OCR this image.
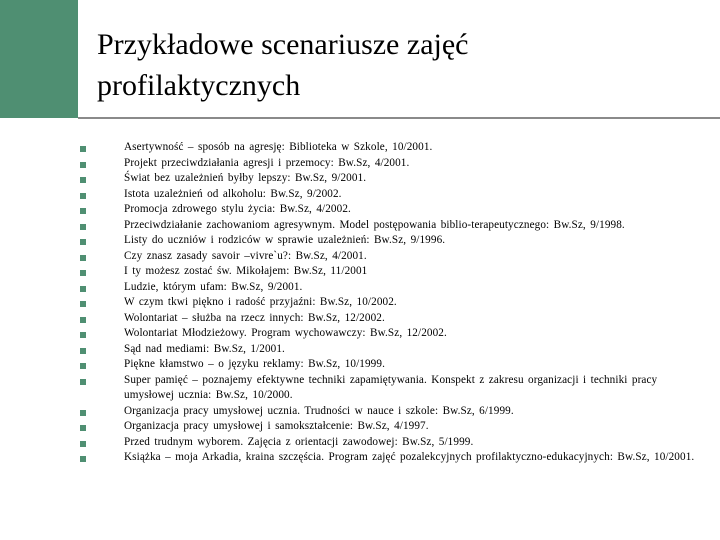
Przykładowe scenariusze zajęć
profilaktycznych
Asertywność – sposób na agresję: Biblioteka w Szkole, 10/2001.
Projekt przeciwdziałania agresji i przemocy: Bw.Sz, 4/2001.
Świat bez uzależnień byłby lepszy: Bw.Sz, 9/2001.
Istota uzależnień od alkoholu: Bw.Sz, 9/2002.
Promocja zdrowego stylu życia: Bw.Sz, 4/2002.
Przeciwdziałanie zachowaniom agresywnym. Model postępowania biblio-terapeutycznego: Bw.Sz, 9/1998.
Listy do uczniów i rodziców w sprawie uzależnień: Bw.Sz, 9/1996.
Czy znasz zasady savoir –vivre`u?: Bw.Sz, 4/2001.
I ty możesz zostać św. Mikołajem: Bw.Sz, 11/2001
Ludzie, którym ufam: Bw.Sz, 9/2001.
W czym tkwi piękno i radość przyjaźni: Bw.Sz, 10/2002.
Wolontariat – służba na rzecz innych: Bw.Sz, 12/2002.
Wolontariat Młodzieżowy. Program wychowawczy: Bw.Sz, 12/2002.
Sąd nad mediami: Bw.Sz, 1/2001.
Piękne kłamstwo – o języku reklamy: Bw.Sz, 10/1999.
Super pamięć – poznajemy efektywne techniki zapamiętywania. Konspekt z zakresu organizacji i techniki pracy umysłowej ucznia: Bw.Sz, 10/2000.
Organizacja pracy umysłowej ucznia. Trudności w nauce i szkole: Bw.Sz, 6/1999.
Organizacja pracy umysłowej i samokształcenie: Bw.Sz, 4/1997.
Przed trudnym wyborem. Zajęcia z orientacji zawodowej: Bw.Sz, 5/1999.
Książka – moja Arkadia, kraina szczęścia. Program zajęć pozalekcyjnych profilaktyczno-edukacyjnych: Bw.Sz, 10/2001.
